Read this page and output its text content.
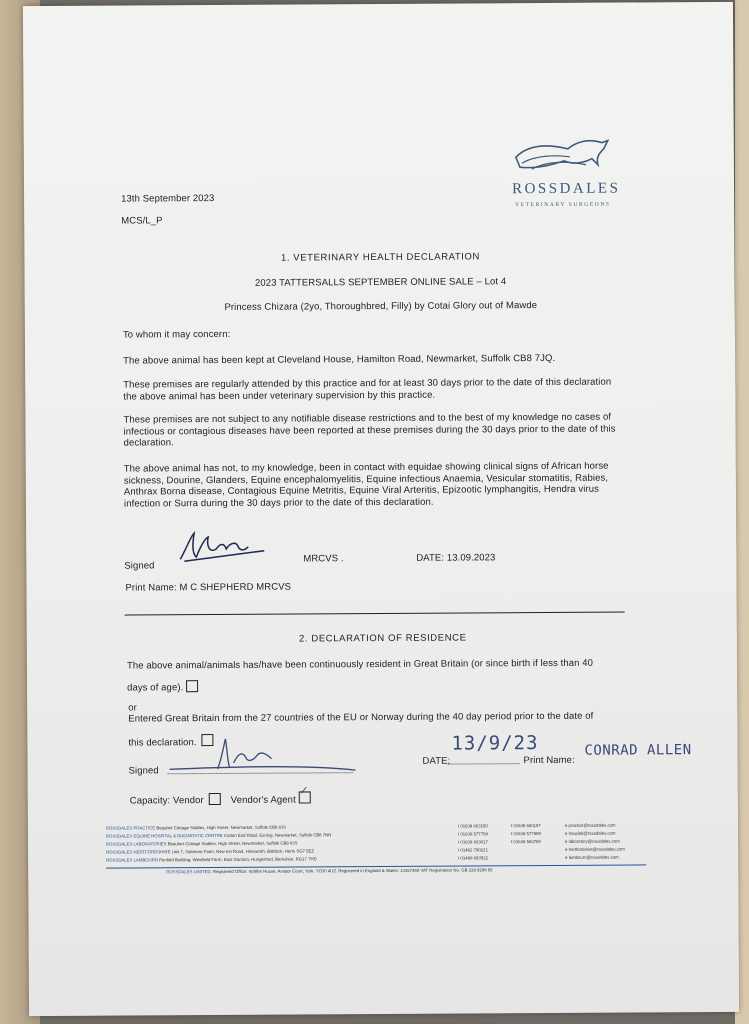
ROSSDALES
VETERINARY SURGEONS
13th September 2023
MCS/L_P
1. VETERINARY HEALTH DECLARATION
2023 TATTERSALLS SEPTEMBER ONLINE SALE – Lot 4
Princess Chizara (2yo, Thoroughbred, Filly) by Cotai Glory out of Mawde
To whom it may concern:
The above animal has been kept at Cleveland House, Hamilton Road, Newmarket, Suffolk CB8 7JQ.
These premises are regularly attended by this practice and for at least 30 days prior to the date of this declaration the above animal has been under veterinary supervision by this practice.
These premises are not subject to any notifiable disease restrictions and to the best of my knowledge no cases of infectious or contagious diseases have been reported at these premises during the 30 days prior to the date of this declaration.
The above animal has not, to my knowledge, been in contact with equidae showing clinical signs of African horse sickness, Dourine, Glanders, Equine encephalomyelitis, Equine infectious Anaemia, Vesicular stomatitis, Rabies, Anthrax Borna disease, Contagious Equine Metritis, Equine Viral Arteritis, Epizootic lymphangitis, Hendra virus infection or Surra during the 30 days prior to the date of this declaration.
Signed
MRCVS .	DATE: 13.09.2023
Print Name: M C SHEPHERD MRCVS
2. DECLARATION OF RESIDENCE
The above animal/animals has/have been continuously resident in Great Britain (or since birth if less than 40
days of age).
or
Entered Great Britain from the 27 countries of the EU or Norway during the 40 day period prior to the date of
this declaration.
Signed
DATE:
13/9/23
Print Name:
CONRAD ALLEN
Capacity: Vendor	Vendor's Agent
✓
ROSSDALES PRACTICE Beaufort Cottage Stables, High Street, Newmarket, Suffolk CB8 8JS	t 01638 663150	f 01638 660157	e practice@rossdales.com
ROSSDALES EQUINE HOSPITAL & DIAGNOSTIC CENTRE Cotton End Road, Exning, Newmarket, Suffolk CB8 7NN	t 01638 577754	f 01638 577989	e hospital@rossdales.com
ROSSDALES LABORATORIES Beaufort Cottage Stables, High Street, Newmarket, Suffolk CB8 8JS	t 01638 663017	f 01638 560780	e laboratory@rossdales.com
ROSSDALES HERTFORDSHIRE Unit 7, Saltmore Farm, New Inn Road, Hinxworth, Baldock, Herts SG7 5EZ	t 01462 790221	e hertfordshire@rossdales.com
ROSSDALES LAMBOURN Penfold Building, Westfield Farm, East Garston, Hungerford, Berkshire, RG17 7HD	t 01488 683522	e lambourn@rossdales.com
ROSSDALES LIMITED. Registered Office: Spitfire House, Aviator Court, York, YO30 4UZ. Registered in England & Wales: 13167468 VAT Registration No. GB 228 9288 65
